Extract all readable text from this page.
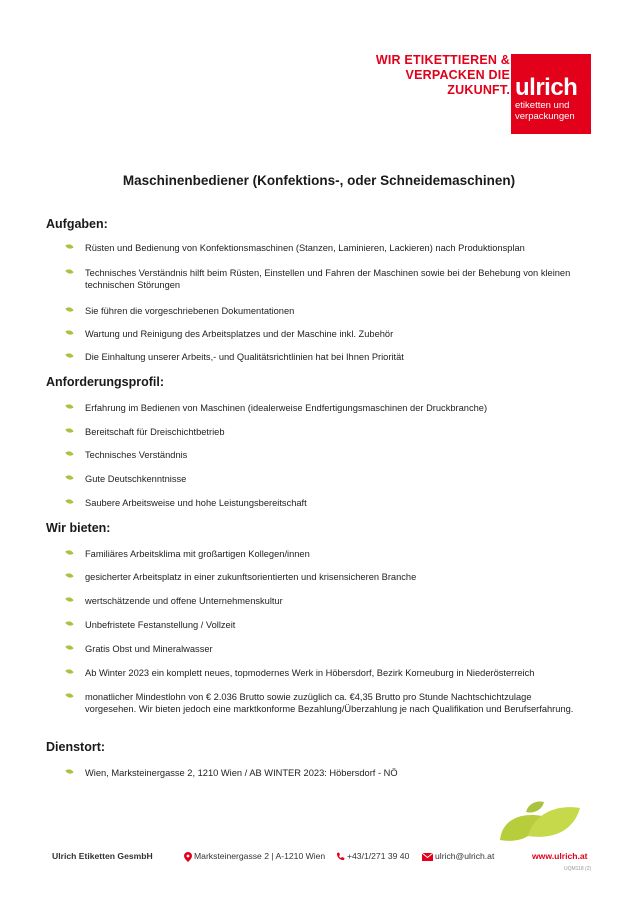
WIR ETIKETTIEREN &
VERPACKEN DIE
ZUKUNFT. ulrich
etiketten und
verpackungen
Maschinenbediener (Konfektions-, oder Schneidemaschinen)
Aufgaben:
Rüsten und Bedienung von Konfektionsmaschinen (Stanzen, Laminieren, Lackieren) nach Produktionsplan
Technisches Verständnis hilft beim Rüsten, Einstellen und Fahren der Maschinen sowie bei der Behebung von kleinen technischen Störungen
Sie führen die vorgeschriebenen Dokumentationen
Wartung und Reinigung des Arbeitsplatzes und der Maschine inkl. Zubehör
Die Einhaltung unserer Arbeits,- und Qualitätsrichtlinien hat bei Ihnen Priorität
Anforderungsprofil:
Erfahrung im Bedienen von Maschinen (idealerweise Endfertigungsmaschinen der Druckbranche)
Bereitschaft für Dreischichtbetrieb
Technisches Verständnis
Gute Deutschkenntnisse
Saubere Arbeitsweise und hohe Leistungsbereitschaft
Wir bieten:
Familiäres Arbeitsklima mit großartigen Kollegen/innen
gesicherter Arbeitsplatz in einer zukunftsorientierten und krisensicheren Branche
wertschätzende und offene Unternehmenskultur
Unbefristete Festanstellung / Vollzeit
Gratis Obst und Mineralwasser
Ab Winter 2023 ein komplett neues, topmodernes Werk in Höbersdorf, Bezirk Korneuburg in Niederösterreich
monatlicher Mindestlohn von € 2.036 Brutto sowie zuzüglich ca. €4,35 Brutto pro Stunde Nachtschichtzulage vorgesehen. Wir bieten jedoch eine marktkonforme Bezahlung/Überzahlung je nach Qualifikation und Berufserfahrung.
Dienstort:
Wien, Marksteinergasse 2, 1210 Wien / AB WINTER 2023: Höbersdorf - NÖ
Ulrich Etiketten GesmbH	Marksteinergasse 2 | A-1210 Wien	+43/1/271 39 40	ulrich@ulrich.at	www.ulrich.at
UQM118 (2)
